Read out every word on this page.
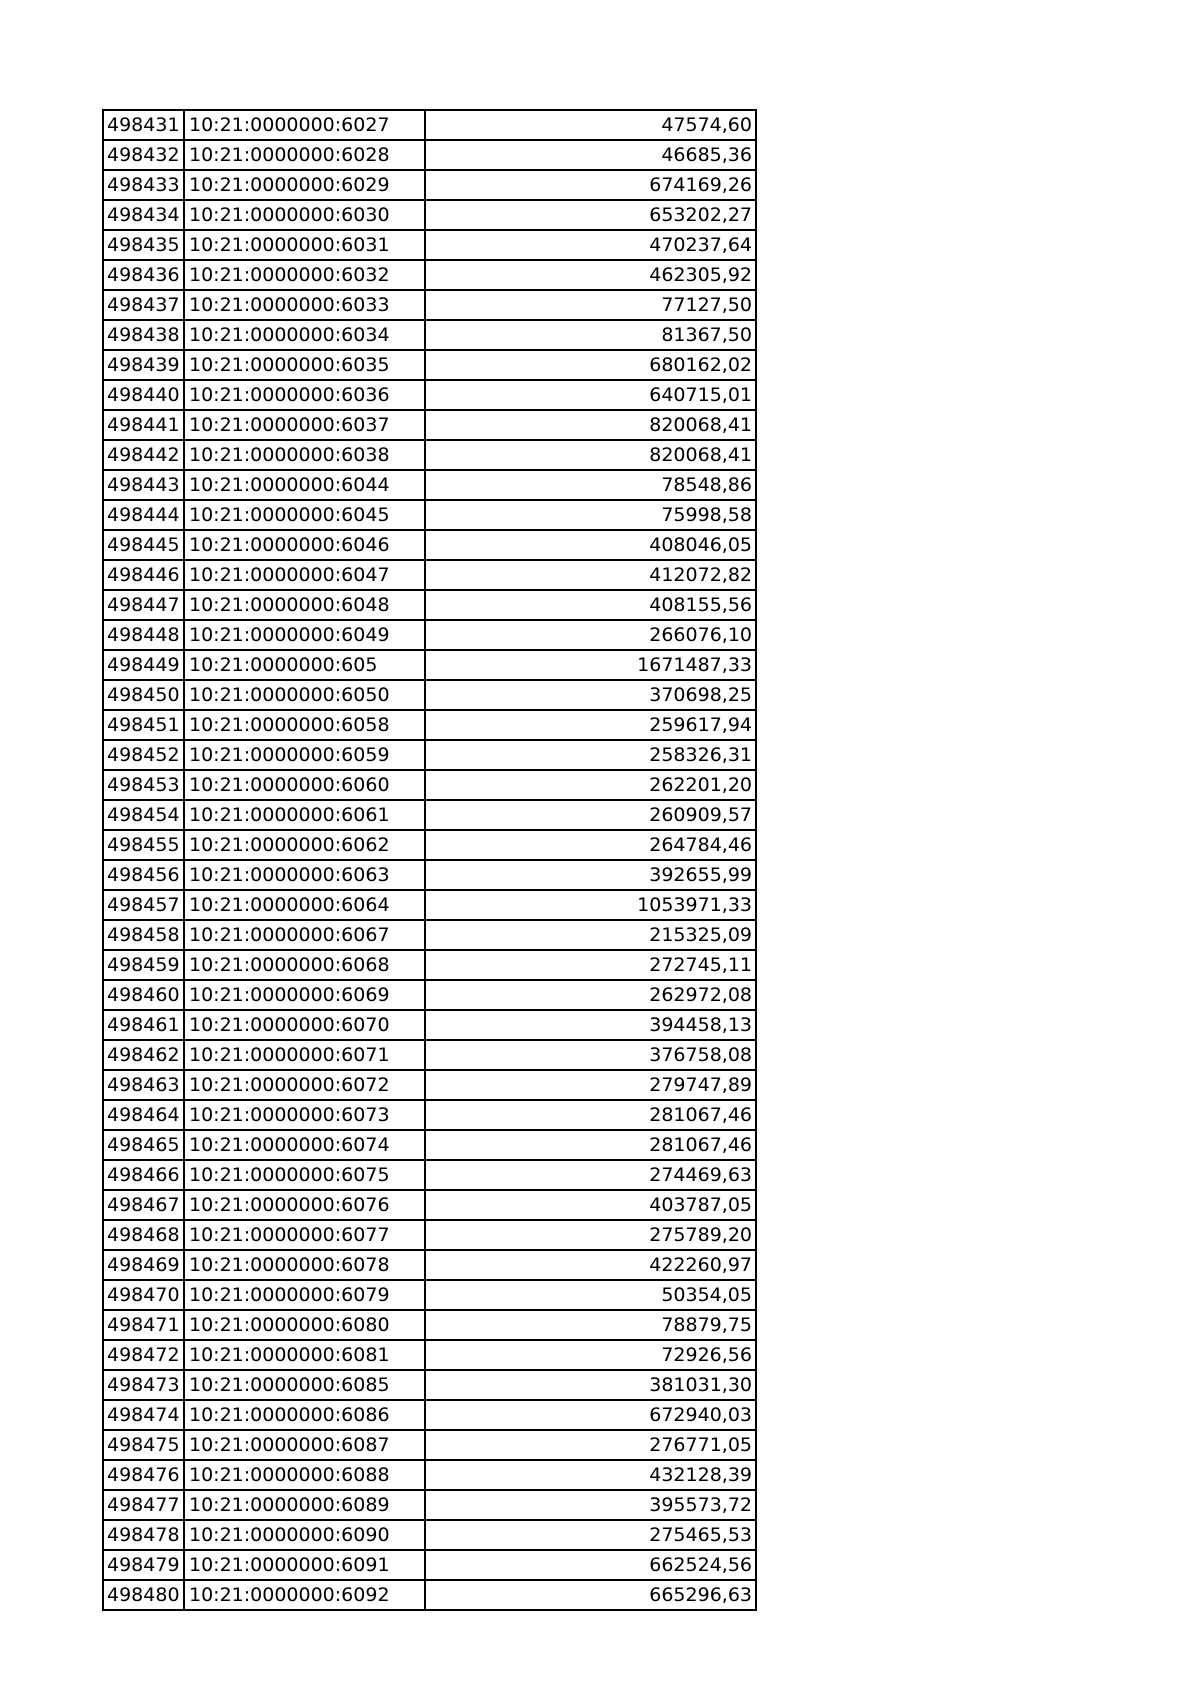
498431	10:21:0000000:6027	47574,60
498432	10:21:0000000:6028	46685,36
498433	10:21:0000000:6029	674169,26
498434	10:21:0000000:6030	653202,27
498435	10:21:0000000:6031	470237,64
498436	10:21:0000000:6032	462305,92
498437	10:21:0000000:6033	77127,50
498438	10:21:0000000:6034	81367,50
498439	10:21:0000000:6035	680162,02
498440	10:21:0000000:6036	640715,01
498441	10:21:0000000:6037	820068,41
498442	10:21:0000000:6038	820068,41
498443	10:21:0000000:6044	78548,86
498444	10:21:0000000:6045	75998,58
498445	10:21:0000000:6046	408046,05
498446	10:21:0000000:6047	412072,82
498447	10:21:0000000:6048	408155,56
498448	10:21:0000000:6049	266076,10
498449	10:21:0000000:605	1671487,33
498450	10:21:0000000:6050	370698,25
498451	10:21:0000000:6058	259617,94
498452	10:21:0000000:6059	258326,31
498453	10:21:0000000:6060	262201,20
498454	10:21:0000000:6061	260909,57
498455	10:21:0000000:6062	264784,46
498456	10:21:0000000:6063	392655,99
498457	10:21:0000000:6064	1053971,33
498458	10:21:0000000:6067	215325,09
498459	10:21:0000000:6068	272745,11
498460	10:21:0000000:6069	262972,08
498461	10:21:0000000:6070	394458,13
498462	10:21:0000000:6071	376758,08
498463	10:21:0000000:6072	279747,89
498464	10:21:0000000:6073	281067,46
498465	10:21:0000000:6074	281067,46
498466	10:21:0000000:6075	274469,63
498467	10:21:0000000:6076	403787,05
498468	10:21:0000000:6077	275789,20
498469	10:21:0000000:6078	422260,97
498470	10:21:0000000:6079	50354,05
498471	10:21:0000000:6080	78879,75
498472	10:21:0000000:6081	72926,56
498473	10:21:0000000:6085	381031,30
498474	10:21:0000000:6086	672940,03
498475	10:21:0000000:6087	276771,05
498476	10:21:0000000:6088	432128,39
498477	10:21:0000000:6089	395573,72
498478	10:21:0000000:6090	275465,53
498479	10:21:0000000:6091	662524,56
498480	10:21:0000000:6092	665296,63
